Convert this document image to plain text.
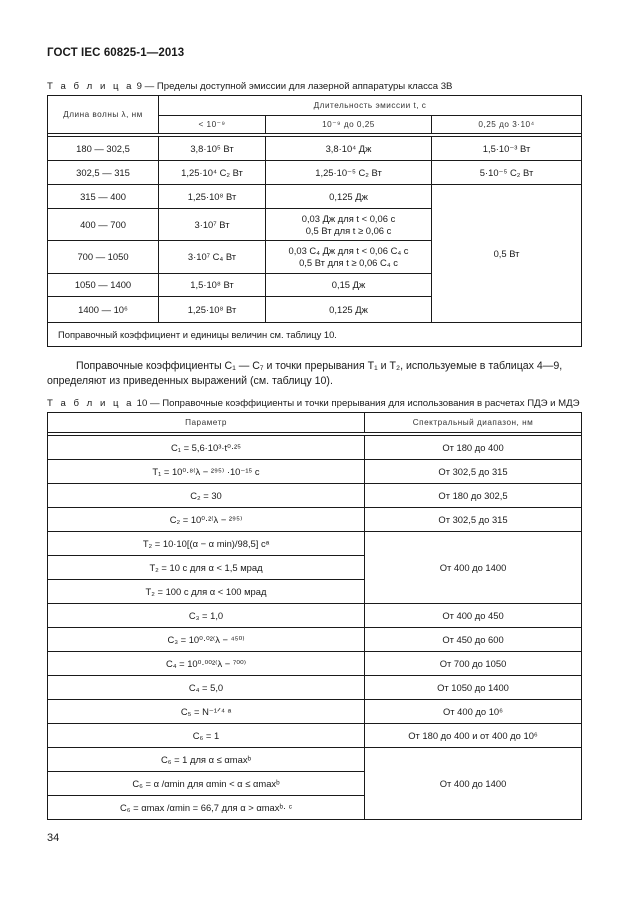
ГОСТ IEC 60825-1—2013
Т а б л и ц а 9 — Пределы доступной эмиссии для лазерной аппаратуры класса 3B
Длина волны λ, нм	Длительность эмиссии t, с		
	< 10⁻⁹	10⁻⁹ до 0,25	0,25 до 3·10⁴

180 — 302,5	3,8·10⁵ Вт	3,8·10⁴ Дж	1,5·10⁻³ Вт
302,5 — 315	1,25·10⁴ C₂ Вт	1,25·10⁻⁵ C₂ Вт	5·10⁻⁵ C₂ Вт
315 — 400	1,25·10⁸ Вт	0,125 Дж	0,5 Вт
400 — 700	3·10⁷ Вт	0,03 Дж для t < 0,06 с
0,5 Вт для t ≥ 0,06 с	

700 — 1050	3·10⁷ C₄ Вт	0,03 C₄ Дж для t < 0,06 C₄ с
0,5 Вт для t ≥ 0,06 C₄ с	

1050 — 1400	1,5·10⁸ Вт	0,15 Дж	
1400 — 10⁶	1,25·10⁸ Вт	0,125 Дж	
Поправочный коэффициент и единицы величин см. таблицу 10.			
Поправочные коэффициенты C₁ — C₇ и точки прерывания T₁ и T₂, используемые в таблицах 4—9, определяют из приведенных выражений (см. таблицу 10).
Т а б л и ц а 10 — Поправочные коэффициенты и точки прерывания для использования в расчетах ПДЭ и МДЭ
Параметр	Спектральный диапазон, нм

C₁ = 5,6·10³·t⁰·²⁵	От 180 до 400
T₁ = 10⁰·⁸⁽λ − ²⁹⁵⁾ ·10⁻¹⁵ с	От 302,5 до 315
C₂ = 30	От 180 до 302,5
C₂ = 10⁰·²⁽λ − ²⁹⁵⁾	От 302,5 до 315
T₂ = 10·10[(α − α min)/98,5] cᵃ	От 400 до 1400
T₂ = 10 с для α < 1,5 мрад	
T₂ = 100 с для α < 100 мрад	
C₃ = 1,0	От 400 до 450
C₃ = 10⁰·⁰²⁽λ − ⁴⁵⁰⁾	От 450 до 600
C₄ = 10⁰·⁰⁰²⁽λ − ⁷⁰⁰⁾	От 700 до 1050
C₄ = 5,0	От 1050 до 1400
C₅ = N⁻¹ᐟ⁴ ᵃ	От 400 до 10⁶
C₆ = 1	От 180 до 400 и от 400 до 10⁶
C₆ = 1 для α ≤ αmaxᵇ	От 400 до 1400
C₆ = α /αmin для αmin < α ≤ αmaxᵇ	
C₆ = αmax /αmin = 66,7 для α > αmaxᵇ· ᶜ	
34
